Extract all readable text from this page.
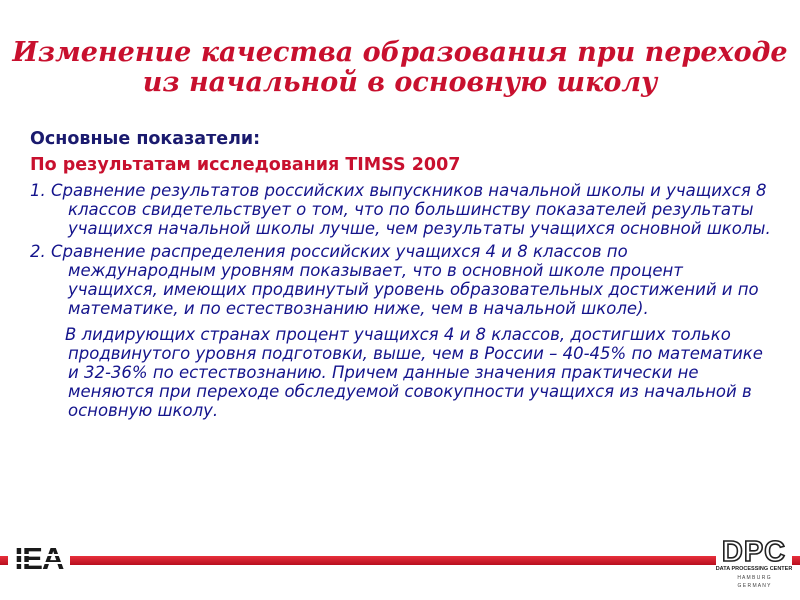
Изменение качества образования при переходе
из начальной в основную школу
Основные показатели:
По результатам исследования TIMSS 2007
1. Сравнение результатов российских выпускников начальной школы и учащихся 8 классов свидетельствует о том, что по большинству показателей результаты учащихся начальной школы лучше, чем результаты учащихся основной школы.
2. Сравнение распределения российских учащихся 4 и 8 классов по международным уровням показывает, что в основной школе процент учащихся, имеющих продвинутый уровень образовательных достижений и по математике, и по естествознанию ниже, чем в начальной школе).
В лидирующих странах процент учащихся 4 и 8 классов, достигших только продвинутого уровня подготовки, выше, чем в России – 40-45% по математике и 32-36% по естествознанию. Причем данные значения практически не меняются при переходе обследуемой совокупности учащихся из начальной в основную школу.
IEA	DPC
DATA PROCESSING CENTER
H A M B U R G
G E R M A N Y
